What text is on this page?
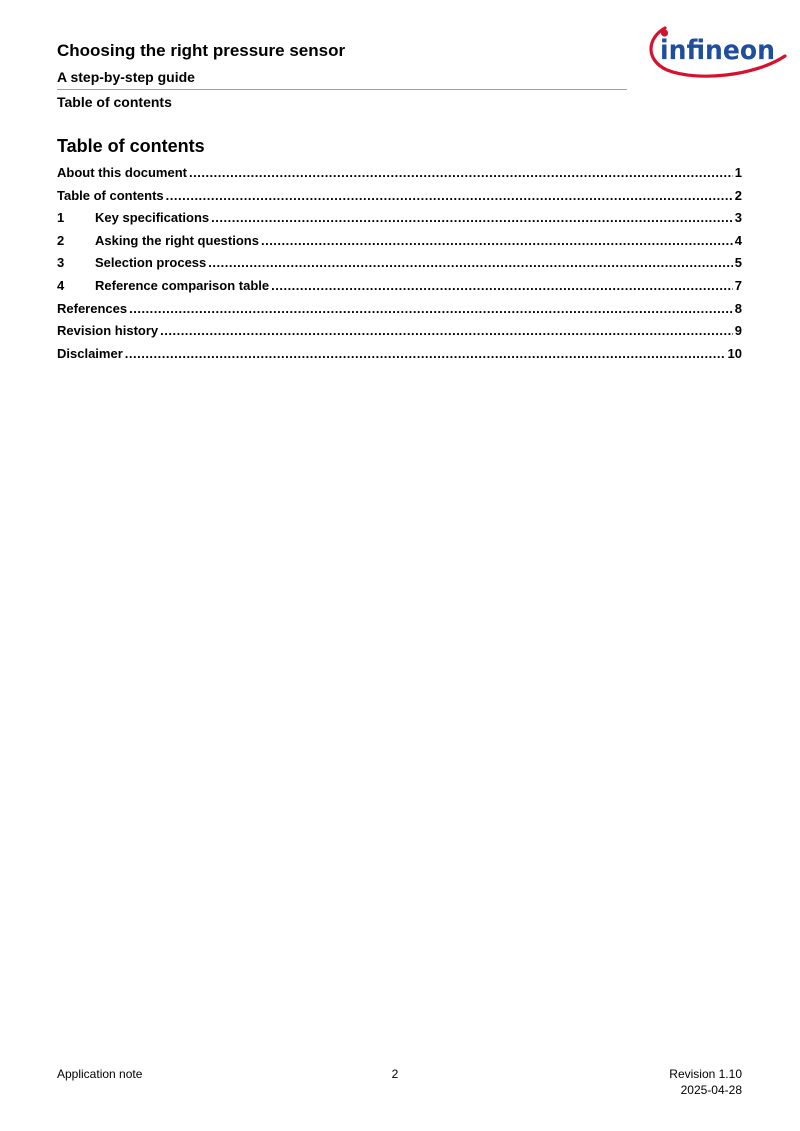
Choosing the right pressure sensor
A step-by-step guide
Table of contents
infineon
Table of contents
About this document .....	1
Table of contents .....	2
1	Key specifications .....	3
2	Asking the right questions .....	4
3	Selection process .....	5
4	Reference comparison table .....	7
References .....	8
Revision history .....	9
Disclaimer .....	10
Application note	2	Revision 1.10
2025-04-28
